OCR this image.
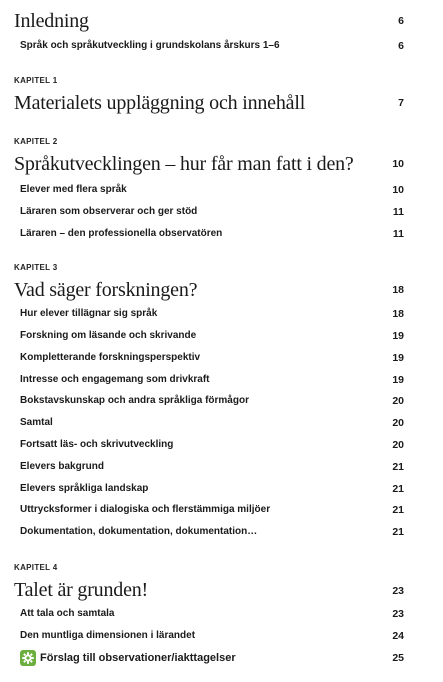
Inledning	6
Språk och språkutveckling i grundskolans årskurs 1–6	6
KAPITEL 1
Materialets uppläggning och innehåll	7
KAPITEL 2
Språkutvecklingen – hur får man fatt i den?	10
Elever med flera språk	10
Läraren som observerar och ger stöd	11
Läraren – den professionella observatören	11
KAPITEL 3
Vad säger forskningen?	18
Hur elever tillägnar sig språk	18
Forskning om läsande och skrivande	19
Kompletterande forskningsperspektiv	19
Intresse och engagemang som drivkraft	19
Bokstavskunskap och andra språkliga förmågor	20
Samtal	20
Fortsatt läs- och skrivutveckling	20
Elevers bakgrund	21
Elevers språkliga landskap	21
Uttrycksformer i dialogiska och flerstämmiga miljöer	21
Dokumentation, dokumentation, dokumentation…	21
KAPITEL 4
Talet är grunden!	23
Att tala och samtala	23
Den muntliga dimensionen i lärandet	24
Förslag till observationer/iakttagelser	25
